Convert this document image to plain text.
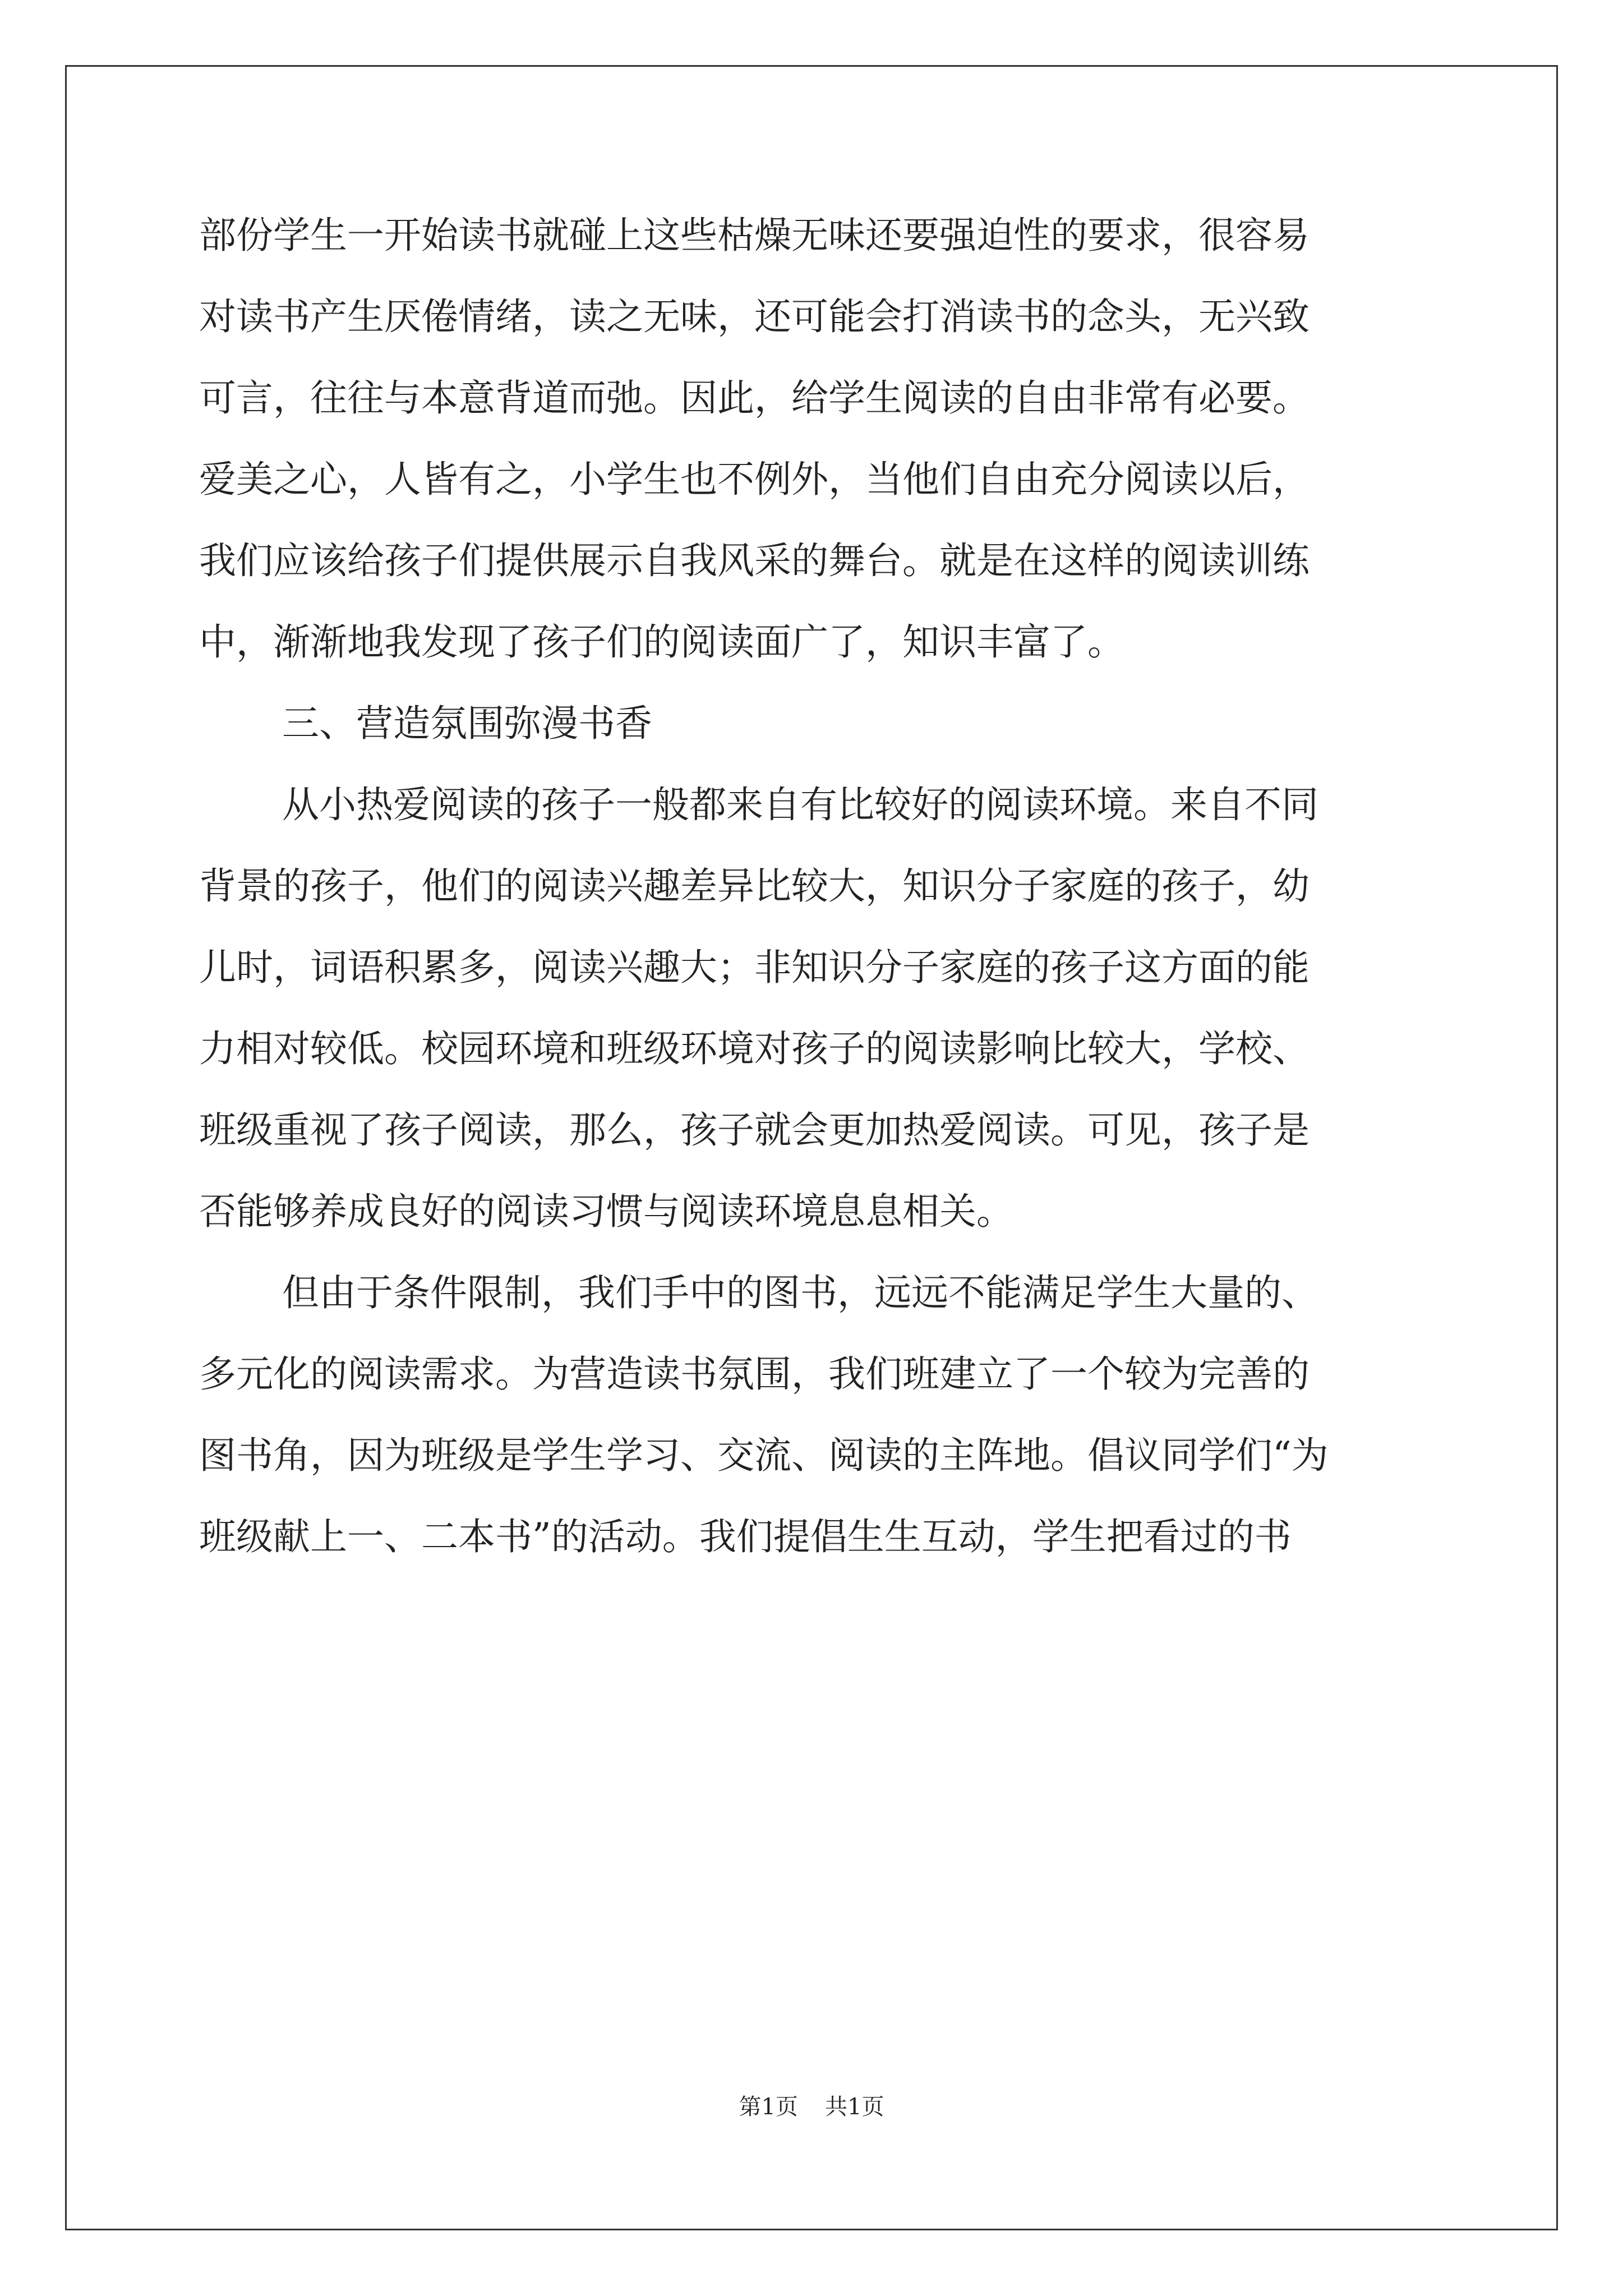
部份学生一开始读书就碰上这些枯燥无味还要强迫性的要求，很容易
对读书产生厌倦情绪，读之无味，还可能会打消读书的念头，无兴致
可言，往往与本意背道而弛。因此，给学生阅读的自由非常有必要。
爱美之心，人皆有之，小学生也不例外，当他们自由充分阅读以后，
我们应该给孩子们提供展示自我风采的舞台。就是在这样的阅读训练
中，渐渐地我发现了孩子们的阅读面广了，知识丰富了。
三、营造氛围弥漫书香
从小热爱阅读的孩子一般都来自有比较好的阅读环境。来自不同
背景的孩子，他们的阅读兴趣差异比较大，知识分子家庭的孩子，幼
儿时，词语积累多，阅读兴趣大；非知识分子家庭的孩子这方面的能
力相对较低。校园环境和班级环境对孩子的阅读影响比较大，学校、
班级重视了孩子阅读，那么，孩子就会更加热爱阅读。可见，孩子是
否能够养成良好的阅读习惯与阅读环境息息相关。
但由于条件限制，我们手中的图书，远远不能满足学生大量的、
多元化的阅读需求。为营造读书氛围，我们班建立了一个较为完善的
图书角，因为班级是学生学习、交流、阅读的主阵地。倡议同学们“为
班级献上一、二本书”的活动。我们提倡生生互动，学生把看过的书
第1页 共1页
